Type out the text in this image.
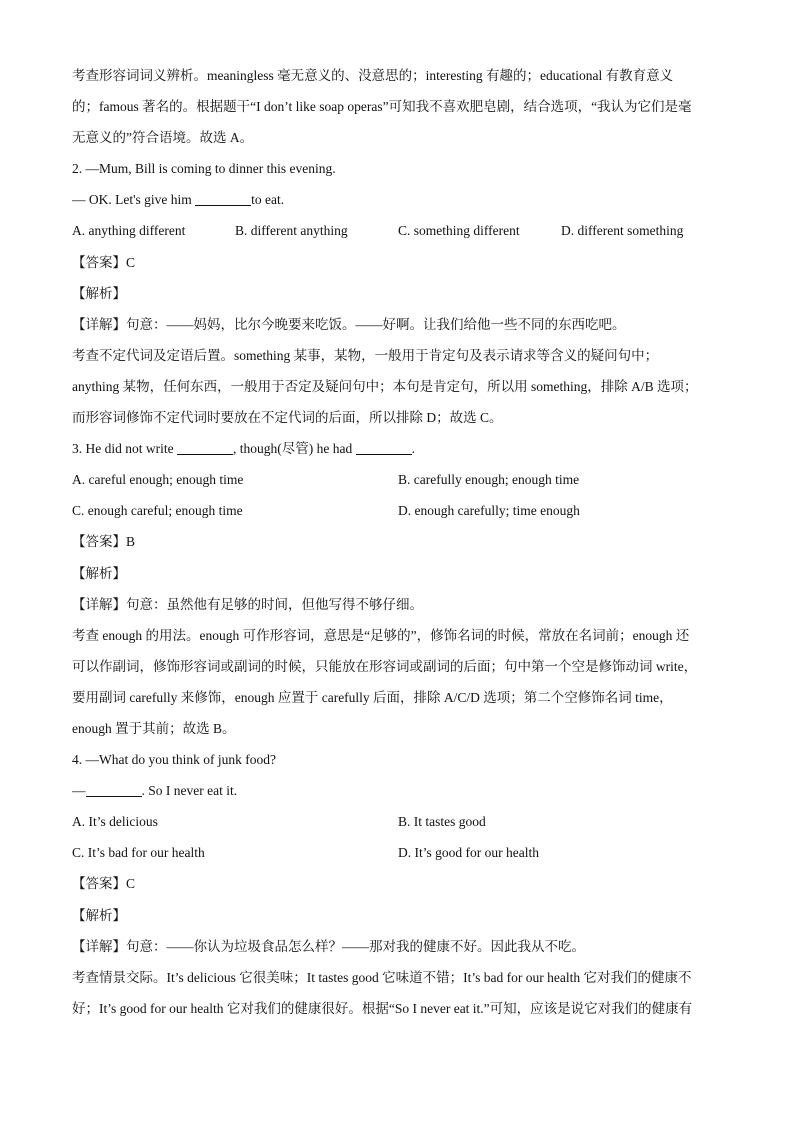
考查形容词词义辨析。meaningless 毫无意义的、没意思的；interesting 有趣的；educational 有教育意义
的；famous 著名的。根据题干“I don’t like soap operas”可知我不喜欢肥皂剧，结合选项，“我认为它们是毫
无意义的”符合语境。故选 A。
2. —Mum, Bill is coming to dinner this evening.
— OK. Let's give him	to eat.
A. anything different	B. different anything	C. something different	D. different something
【答案】C
【解析】
【详解】句意：——妈妈，比尔今晚要来吃饭。——好啊。让我们给他一些不同的东西吃吧。
考查不定代词及定语后置。something 某事，某物，一般用于肯定句及表示请求等含义的疑问句中；
anything 某物，任何东西，一般用于否定及疑问句中；本句是肯定句，所以用 something，排除 A/B 选项；
而形容词修饰不定代词时要放在不定代词的后面，所以排除 D；故选 C。
3. He did not write	, though(尽管) he had	.
A. careful enough; enough time	B. carefully enough; enough time
C. enough careful; enough time	D. enough carefully; time enough
【答案】B
【解析】
【详解】句意：虽然他有足够的时间，但他写得不够仔细。
考查 enough 的用法。enough 可作形容词，意思是“足够的”，修饰名词的时候，常放在名词前；enough 还
可以作副词，修饰形容词或副词的时候，只能放在形容词或副词的后面；句中第一个空是修饰动词 write，
要用副词 carefully 来修饰，enough 应置于 carefully 后面，排除 A/C/D 选项；第二个空修饰名词 time，
enough 置于其前；故选 B。
4. —What do you think of junk food?
—	. So I never eat it.
A. It’s delicious	B. It tastes good
C. It’s bad for our health	D. It’s good for our health
【答案】C
【解析】
【详解】句意：——你认为垃圾食品怎么样？——那对我的健康不好。因此我从不吃。
考查情景交际。It’s delicious 它很美味；It tastes good 它味道不错；It’s bad for our health 它对我们的健康不
好；It’s good for our health 它对我们的健康很好。根据“So I never eat it.”可知，应该是说它对我们的健康有
